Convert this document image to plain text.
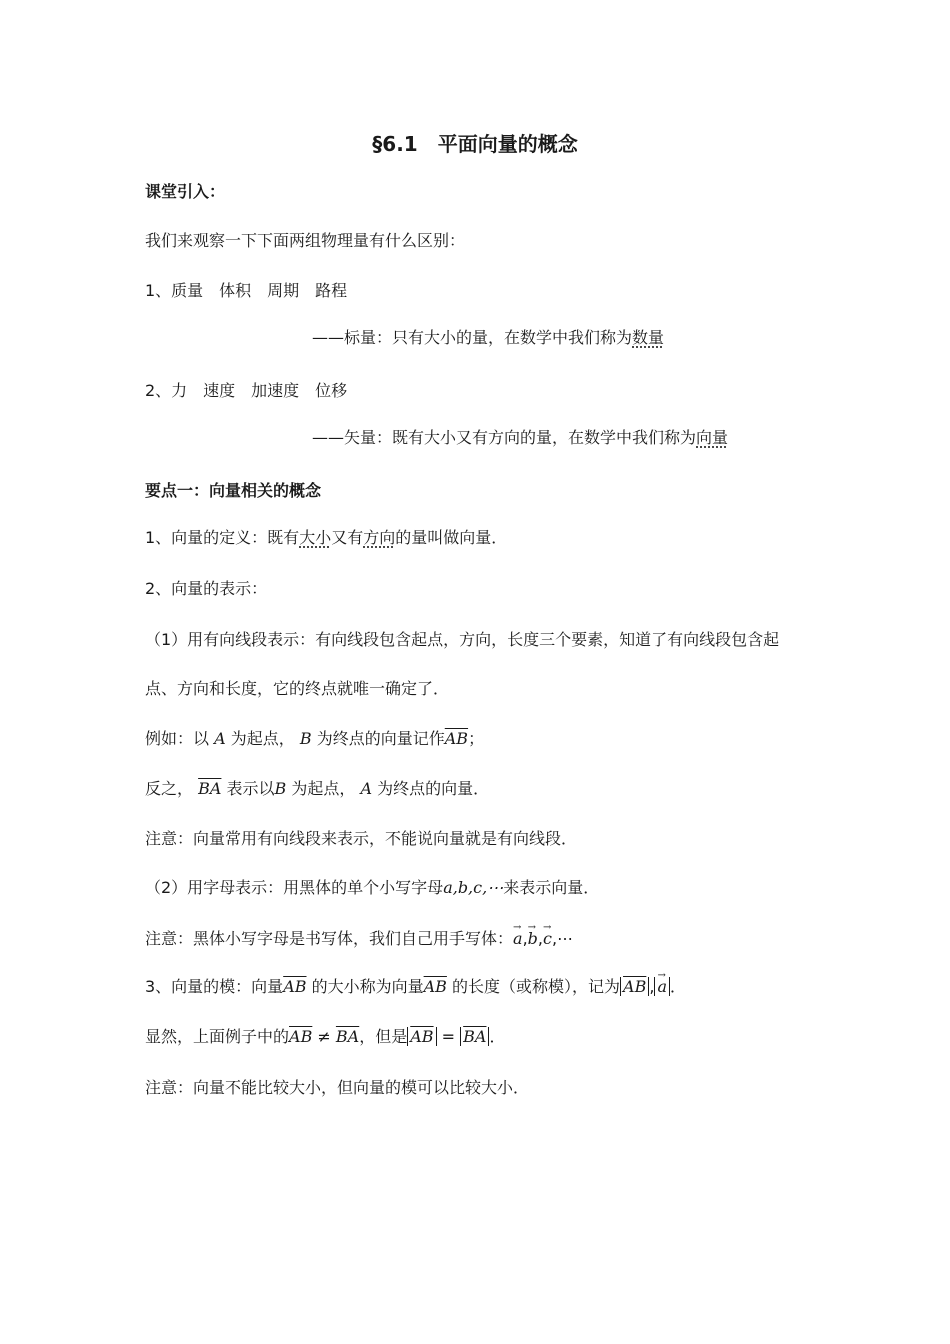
§6.1　平面向量的概念
课堂引入：
我们来观察一下下面两组物理量有什么区别：
1、质量　体积　周期　路程
——标量：只有大小的量，在数学中我们称为数量
2、力　速度　加速度　位移
——矢量：既有大小又有方向的量，在数学中我们称为向量
要点一：向量相关的概念
1、向量的定义：既有大小又有方向的量叫做向量．
2、向量的表示：
（1）用有向线段表示：有向线段包含起点，方向，长度三个要素，知道了有向线段包含起
点、方向和长度，它的终点就唯一确定了．
例如：以 A 为起点， B 为终点的向量记作$\overline{AB}$；
反之， $\overline{BA}$ 表示以B 为起点， A 为终点的向量．
注意：向量常用有向线段来表示，不能说向量就是有向线段．
（2）用字母表示：用黑体的单个小写字母a,b,c,⋯来表示向量．
注意：黑体小写字母是书写体，我们自己用手写体：→ a,→ b,→ c,⋯
3、向量的模：向量$\overline{AB}$ 的大小称为向量$\overline{AB}$ 的长度（或称模），记为 $\overline{AB}$ , → a ．
显然，上面例子中的$\overline{AB} \ne \overline{BA}$，但是 $\overline{AB} = \overline{BA}$ ．
注意：向量不能比较大小，但向量的模可以比较大小．
